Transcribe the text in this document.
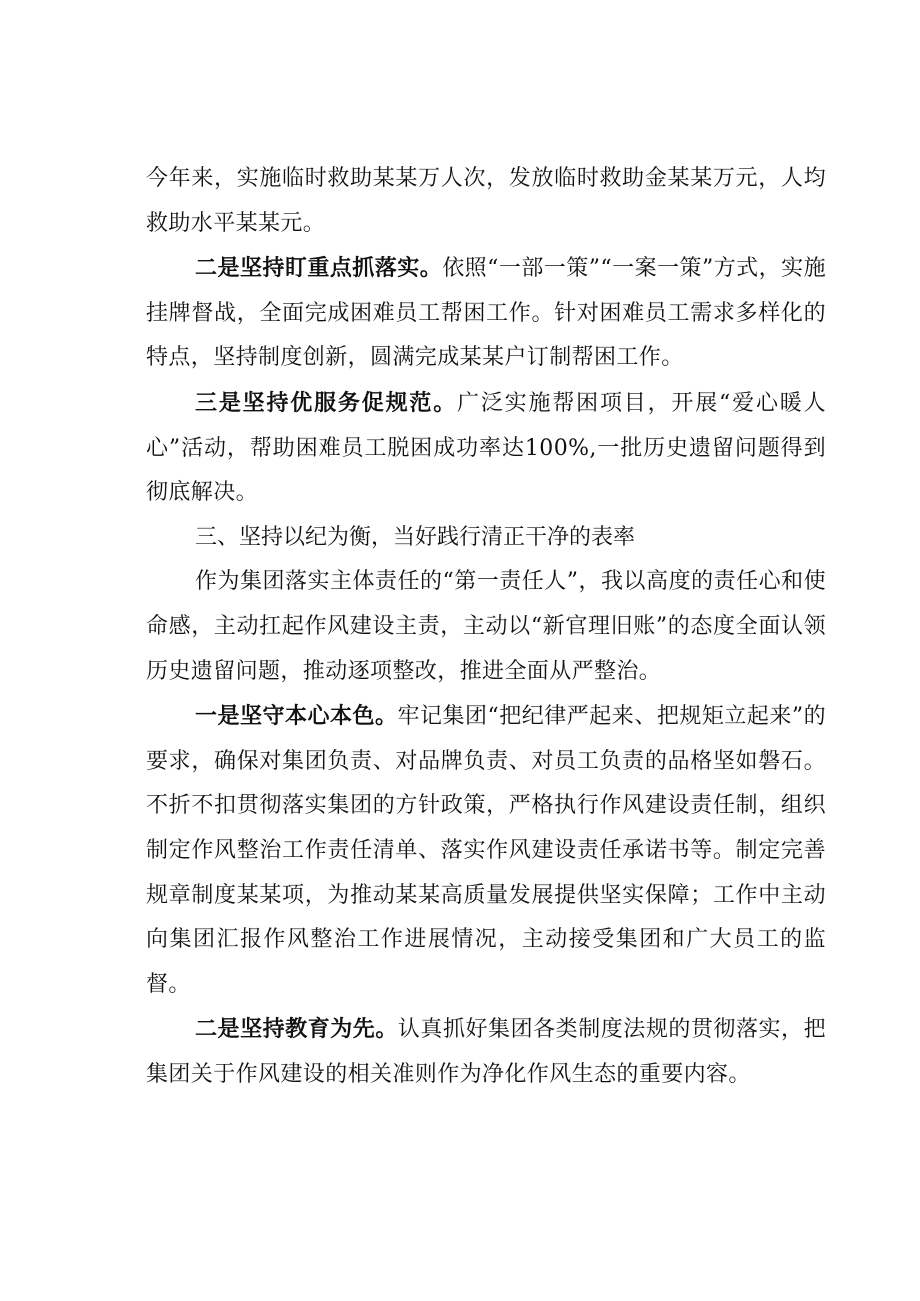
今年来，实施临时救助某某万人次，发放临时救助金某某万元，人均救助水平某某元。

二是坚持盯重点抓落实。依照“一部一策”“一案一策”方式，实施挂牌督战，全面完成困难员工帮困工作。针对困难员工需求多样化的特点，坚持制度创新，圆满完成某某户订制帮困工作。

三是坚持优服务促规范。广泛实施帮困项目，开展“爱心暖人心”活动，帮助困难员工脱困成功率达100%,一批历史遗留问题得到彻底解决。

三、坚持以纪为衡，当好践行清正干净的表率

作为集团落实主体责任的“第一责任人”，我以高度的责任心和使命感，主动扛起作风建设主责，主动以“新官理旧账”的态度全面认领历史遗留问题，推动逐项整改，推进全面从严整治。

一是坚守本心本色。牢记集团“把纪律严起来、把规矩立起来”的要求，确保对集团负责、对品牌负责、对员工负责的品格坚如磐石。不折不扣贯彻落实集团的方针政策，严格执行作风建设责任制，组织制定作风整治工作责任清单、落实作风建设责任承诺书等。制定完善规章制度某某项，为推动某某高质量发展提供坚实保障；工作中主动向集团汇报作风整治工作进展情况，主动接受集团和广大员工的监督。

二是坚持教育为先。认真抓好集团各类制度法规的贯彻落实，把集团关于作风建设的相关准则作为净化作风生态的重要内容。
